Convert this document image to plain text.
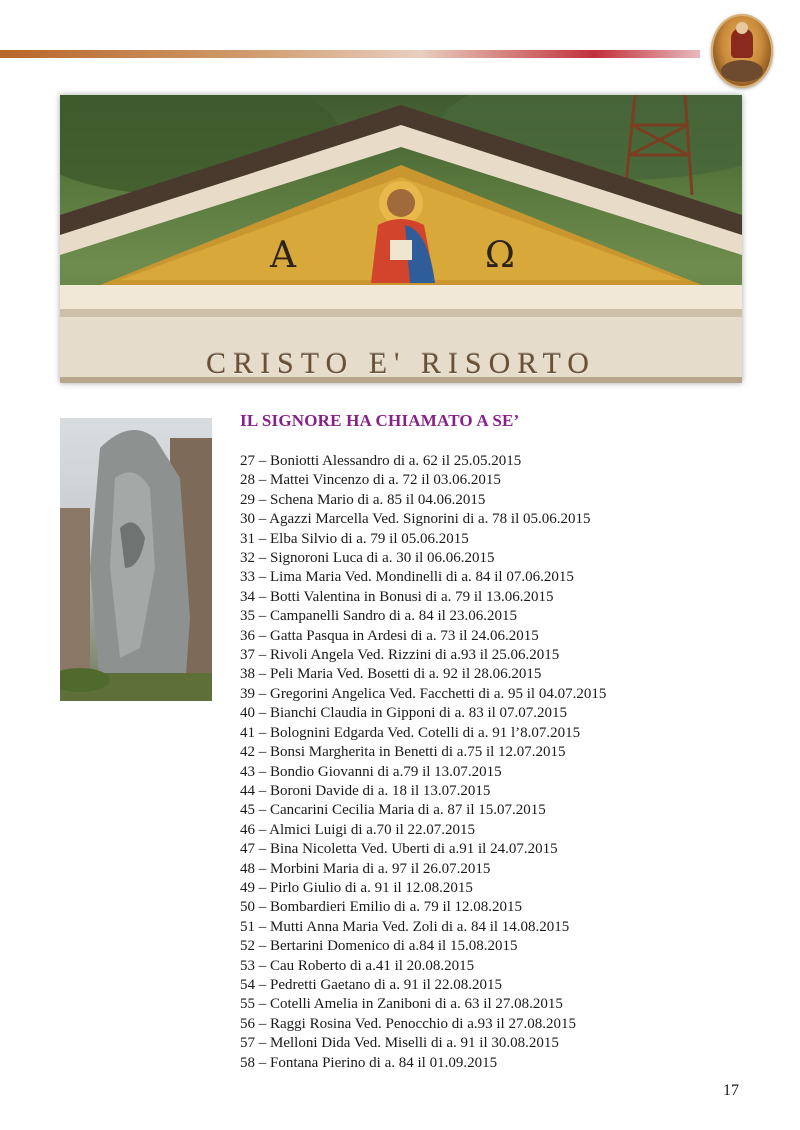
Α	Ω
CRISTO E' RISORTO
IL SIGNORE HA CHIAMATO A SE’
27 – Boniotti Alessandro di a. 62 il 25.05.2015
28 – Mattei Vincenzo di a. 72 il 03.06.2015
29 – Schena Mario di a. 85 il 04.06.2015
30 – Agazzi Marcella Ved. Signorini di a. 78 il 05.06.2015
31 – Elba Silvio di a. 79 il 05.06.2015
32 – Signoroni Luca di a. 30 il 06.06.2015
33 – Lima Maria Ved. Mondinelli di a. 84 il 07.06.2015
34 – Botti Valentina in Bonusi di a. 79 il 13.06.2015
35 – Campanelli Sandro di a. 84 il 23.06.2015
36 – Gatta Pasqua in Ardesi di a. 73 il 24.06.2015
37 – Rivoli Angela Ved. Rizzini di a.93 il 25.06.2015
38 – Peli Maria Ved. Bosetti di a. 92 il 28.06.2015
39 – Gregorini Angelica Ved. Facchetti di a. 95 il 04.07.2015
40 – Bianchi Claudia in Gipponi di a. 83 il 07.07.2015
41 – Bolognini Edgarda Ved. Cotelli di a. 91 l’8.07.2015
42 – Bonsi Margherita in Benetti di a.75 il 12.07.2015
43 – Bondio Giovanni di a.79 il 13.07.2015
44 – Boroni Davide di a. 18 il 13.07.2015
45 – Cancarini Cecilia Maria di a. 87 il 15.07.2015
46 – Almici Luigi di a.70 il 22.07.2015
47 – Bina Nicoletta Ved. Uberti di a.91 il 24.07.2015
48 – Morbini Maria di a. 97 il 26.07.2015
49 – Pirlo Giulio di a. 91 il 12.08.2015
50 – Bombardieri Emilio di a. 79 il 12.08.2015
51 – Mutti Anna Maria Ved. Zoli di a. 84 il 14.08.2015
52 – Bertarini Domenico di a.84 il 15.08.2015
53 – Cau Roberto di a.41 il 20.08.2015
54 – Pedretti Gaetano di a. 91 il 22.08.2015
55 – Cotelli Amelia in Zaniboni di a. 63 il 27.08.2015
56 – Raggi Rosina Ved. Penocchio di a.93 il 27.08.2015
57 – Melloni Dida Ved. Miselli di a. 91 il 30.08.2015
58 – Fontana Pierino di a. 84 il 01.09.2015
17
